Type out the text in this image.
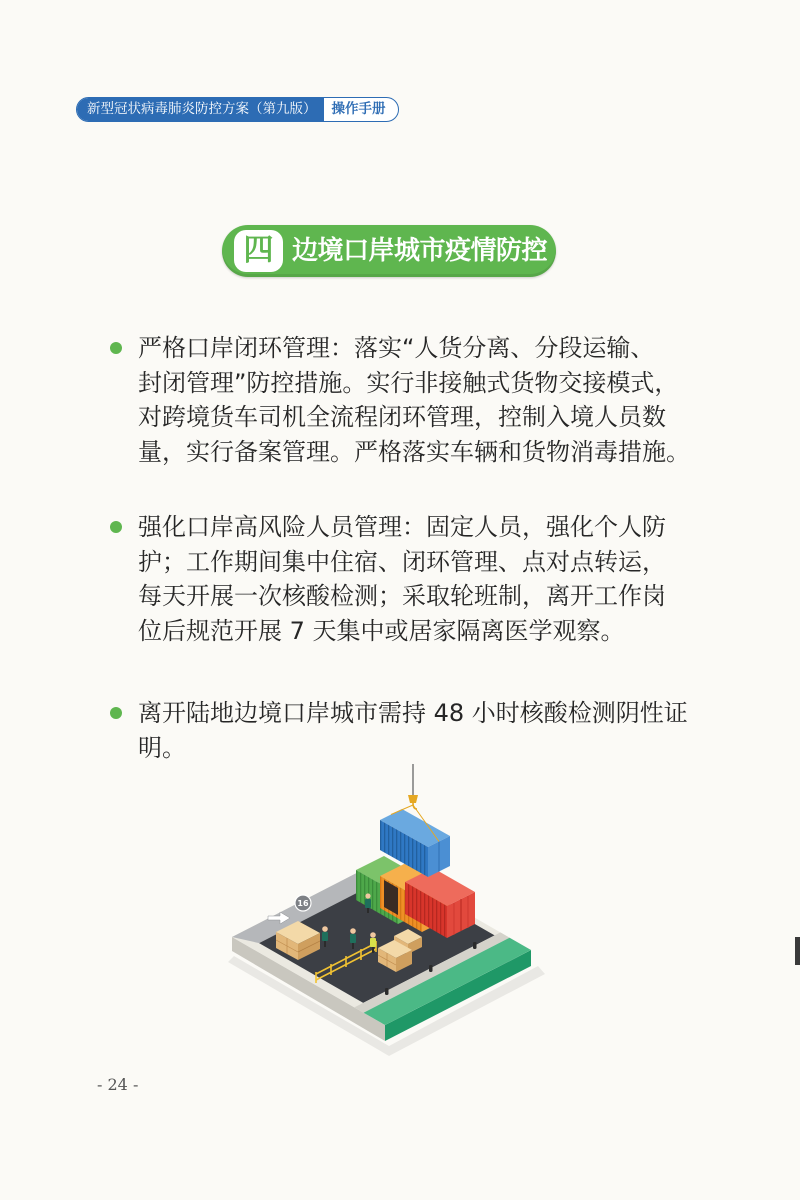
新型冠状病毒肺炎防控方案（第九版）	操作手册
四 边境口岸城市疫情防控
严格口岸闭环管理：落实“人货分离、分段运输、
封闭管理”防控措施。实行非接触式货物交接模式，
对跨境货车司机全流程闭环管理，控制入境人员数
量，实行备案管理。严格落实车辆和货物消毒措施。
强化口岸高风险人员管理：固定人员，强化个人防
护；工作期间集中住宿、闭环管理、点对点转运，
每天开展一次核酸检测；采取轮班制，离开工作岗
位后规范开展 7 天集中或居家隔离医学观察。
离开陆地边境口岸城市需持 48 小时核酸检测阴性证
明。
16
- 24 -
